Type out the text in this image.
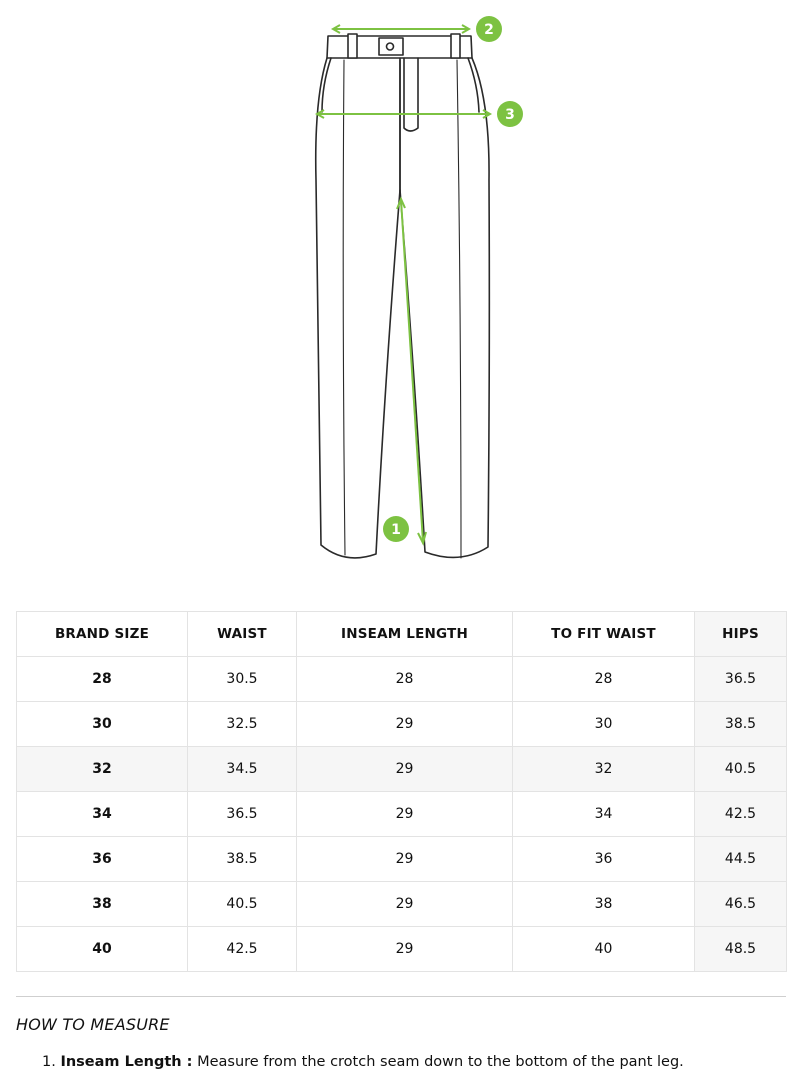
2
3
1
BRAND SIZE	WAIST	INSEAM LENGTH	TO FIT WAIST	HIPS
28	30.5	28	28	36.5
30	32.5	29	30	38.5
32	34.5	29	32	40.5
34	36.5	29	34	42.5
36	38.5	29	36	44.5
38	40.5	29	38	46.5
40	42.5	29	40	48.5
HOW TO MEASURE
1. Inseam Length : Measure from the crotch seam down to the bottom of the pant leg.
